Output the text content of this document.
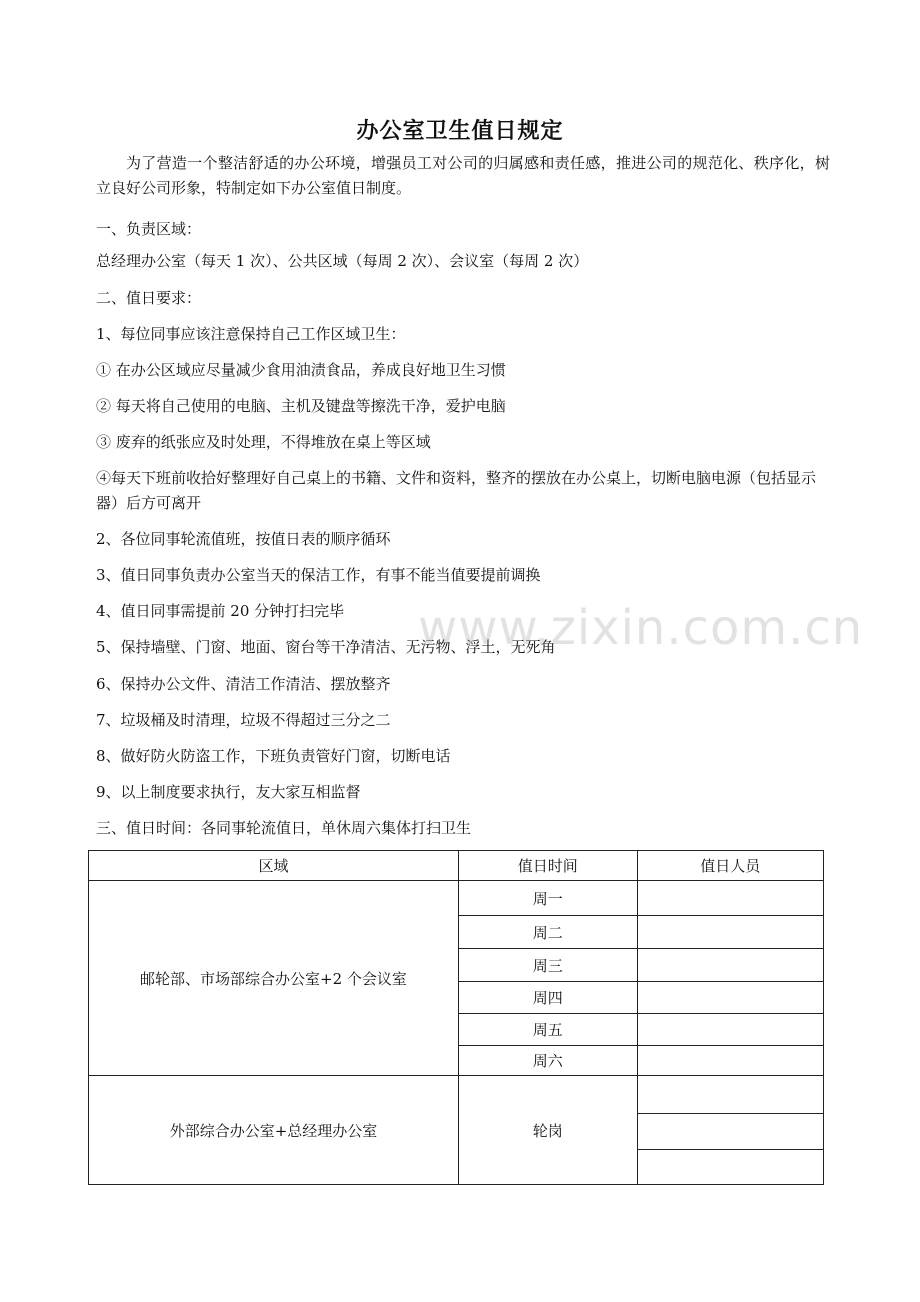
办公室卫生值日规定
为了营造一个整洁舒适的办公环境，增强员工对公司的归属感和责任感，推进公司的规范化、秩序化，树立良好公司形象，特制定如下办公室值日制度。
一、负责区域：
总经理办公室（每天 1 次）、公共区域（每周 2 次）、会议室（每周 2 次）
二、值日要求：
1、每位同事应该注意保持自己工作区域卫生：
① 在办公区域应尽量减少食用油渍食品，养成良好地卫生习惯
② 每天将自己使用的电脑、主机及键盘等擦洗干净，爱护电脑
③ 废弃的纸张应及时处理，不得堆放在桌上等区域
④每天下班前收拾好整理好自己桌上的书籍、文件和资料，整齐的摆放在办公桌上，切断电脑电源（包括显示器）后方可离开
2、各位同事轮流值班，按值日表的顺序循环
3、值日同事负责办公室当天的保洁工作，有事不能当值要提前调换
4、值日同事需提前 20 分钟打扫完毕
5、保持墙壁、门窗、地面、窗台等干净清洁、无污物、浮土，无死角
6、保持办公文件、清洁工作清洁、摆放整齐
7、垃圾桶及时清理，垃圾不得超过三分之二
8、做好防火防盗工作，下班负责管好门窗，切断电话
9、以上制度要求执行，友大家互相监督
三、值日时间：各同事轮流值日，单休周六集体打扫卫生
区域	值日时间	值日人员
邮轮部、市场部综合办公室+2 个会议室	周一	
	周二	
	周三	
	周四	
	周五	
	周六	
外部综合办公室+总经理办公室	轮岗	

www.zixin.com.cn
